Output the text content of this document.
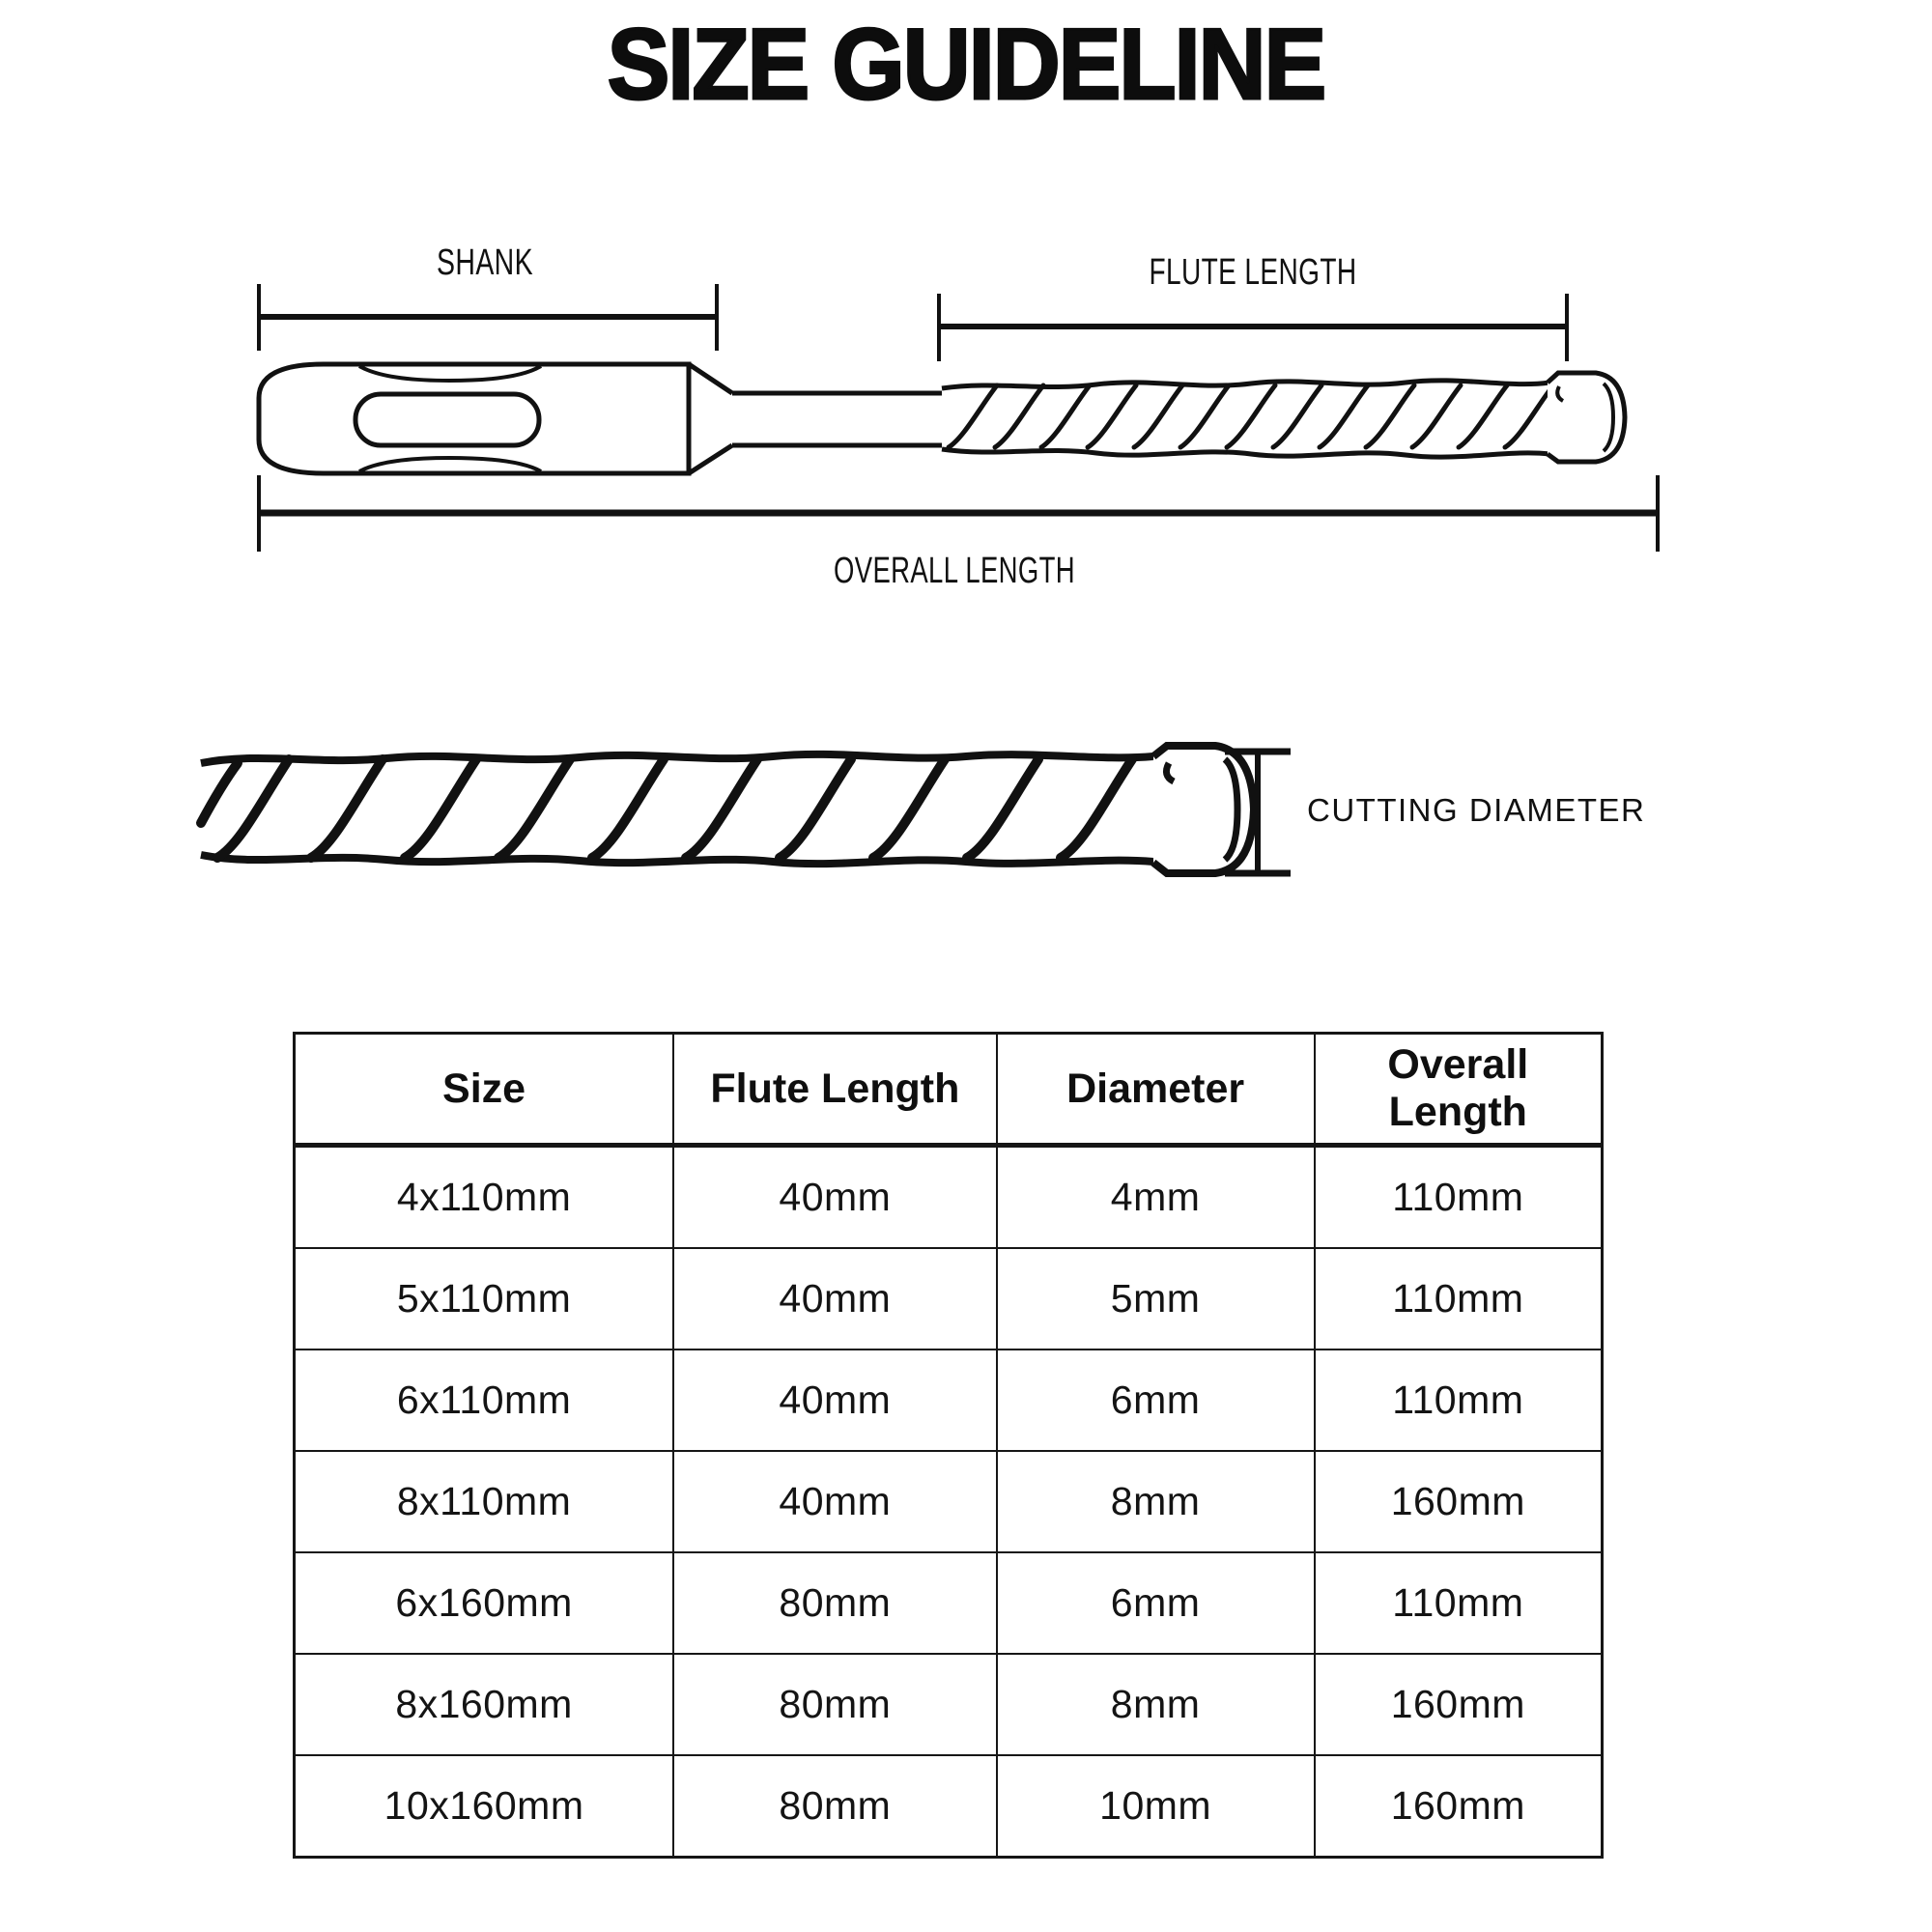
SIZE GUIDELINE
SHANK	FLUTE LENGTH
OVERALL LENGTH
CUTTING DIAMETER
Size	Flute Length	Diameter	Overall Length
4x110mm	40mm	4mm	110mm
5x110mm	40mm	5mm	110mm
6x110mm	40mm	6mm	110mm
8x110mm	40mm	8mm	160mm
6x160mm	80mm	6mm	110mm
8x160mm	80mm	8mm	160mm
10x160mm	80mm	10mm	160mm
